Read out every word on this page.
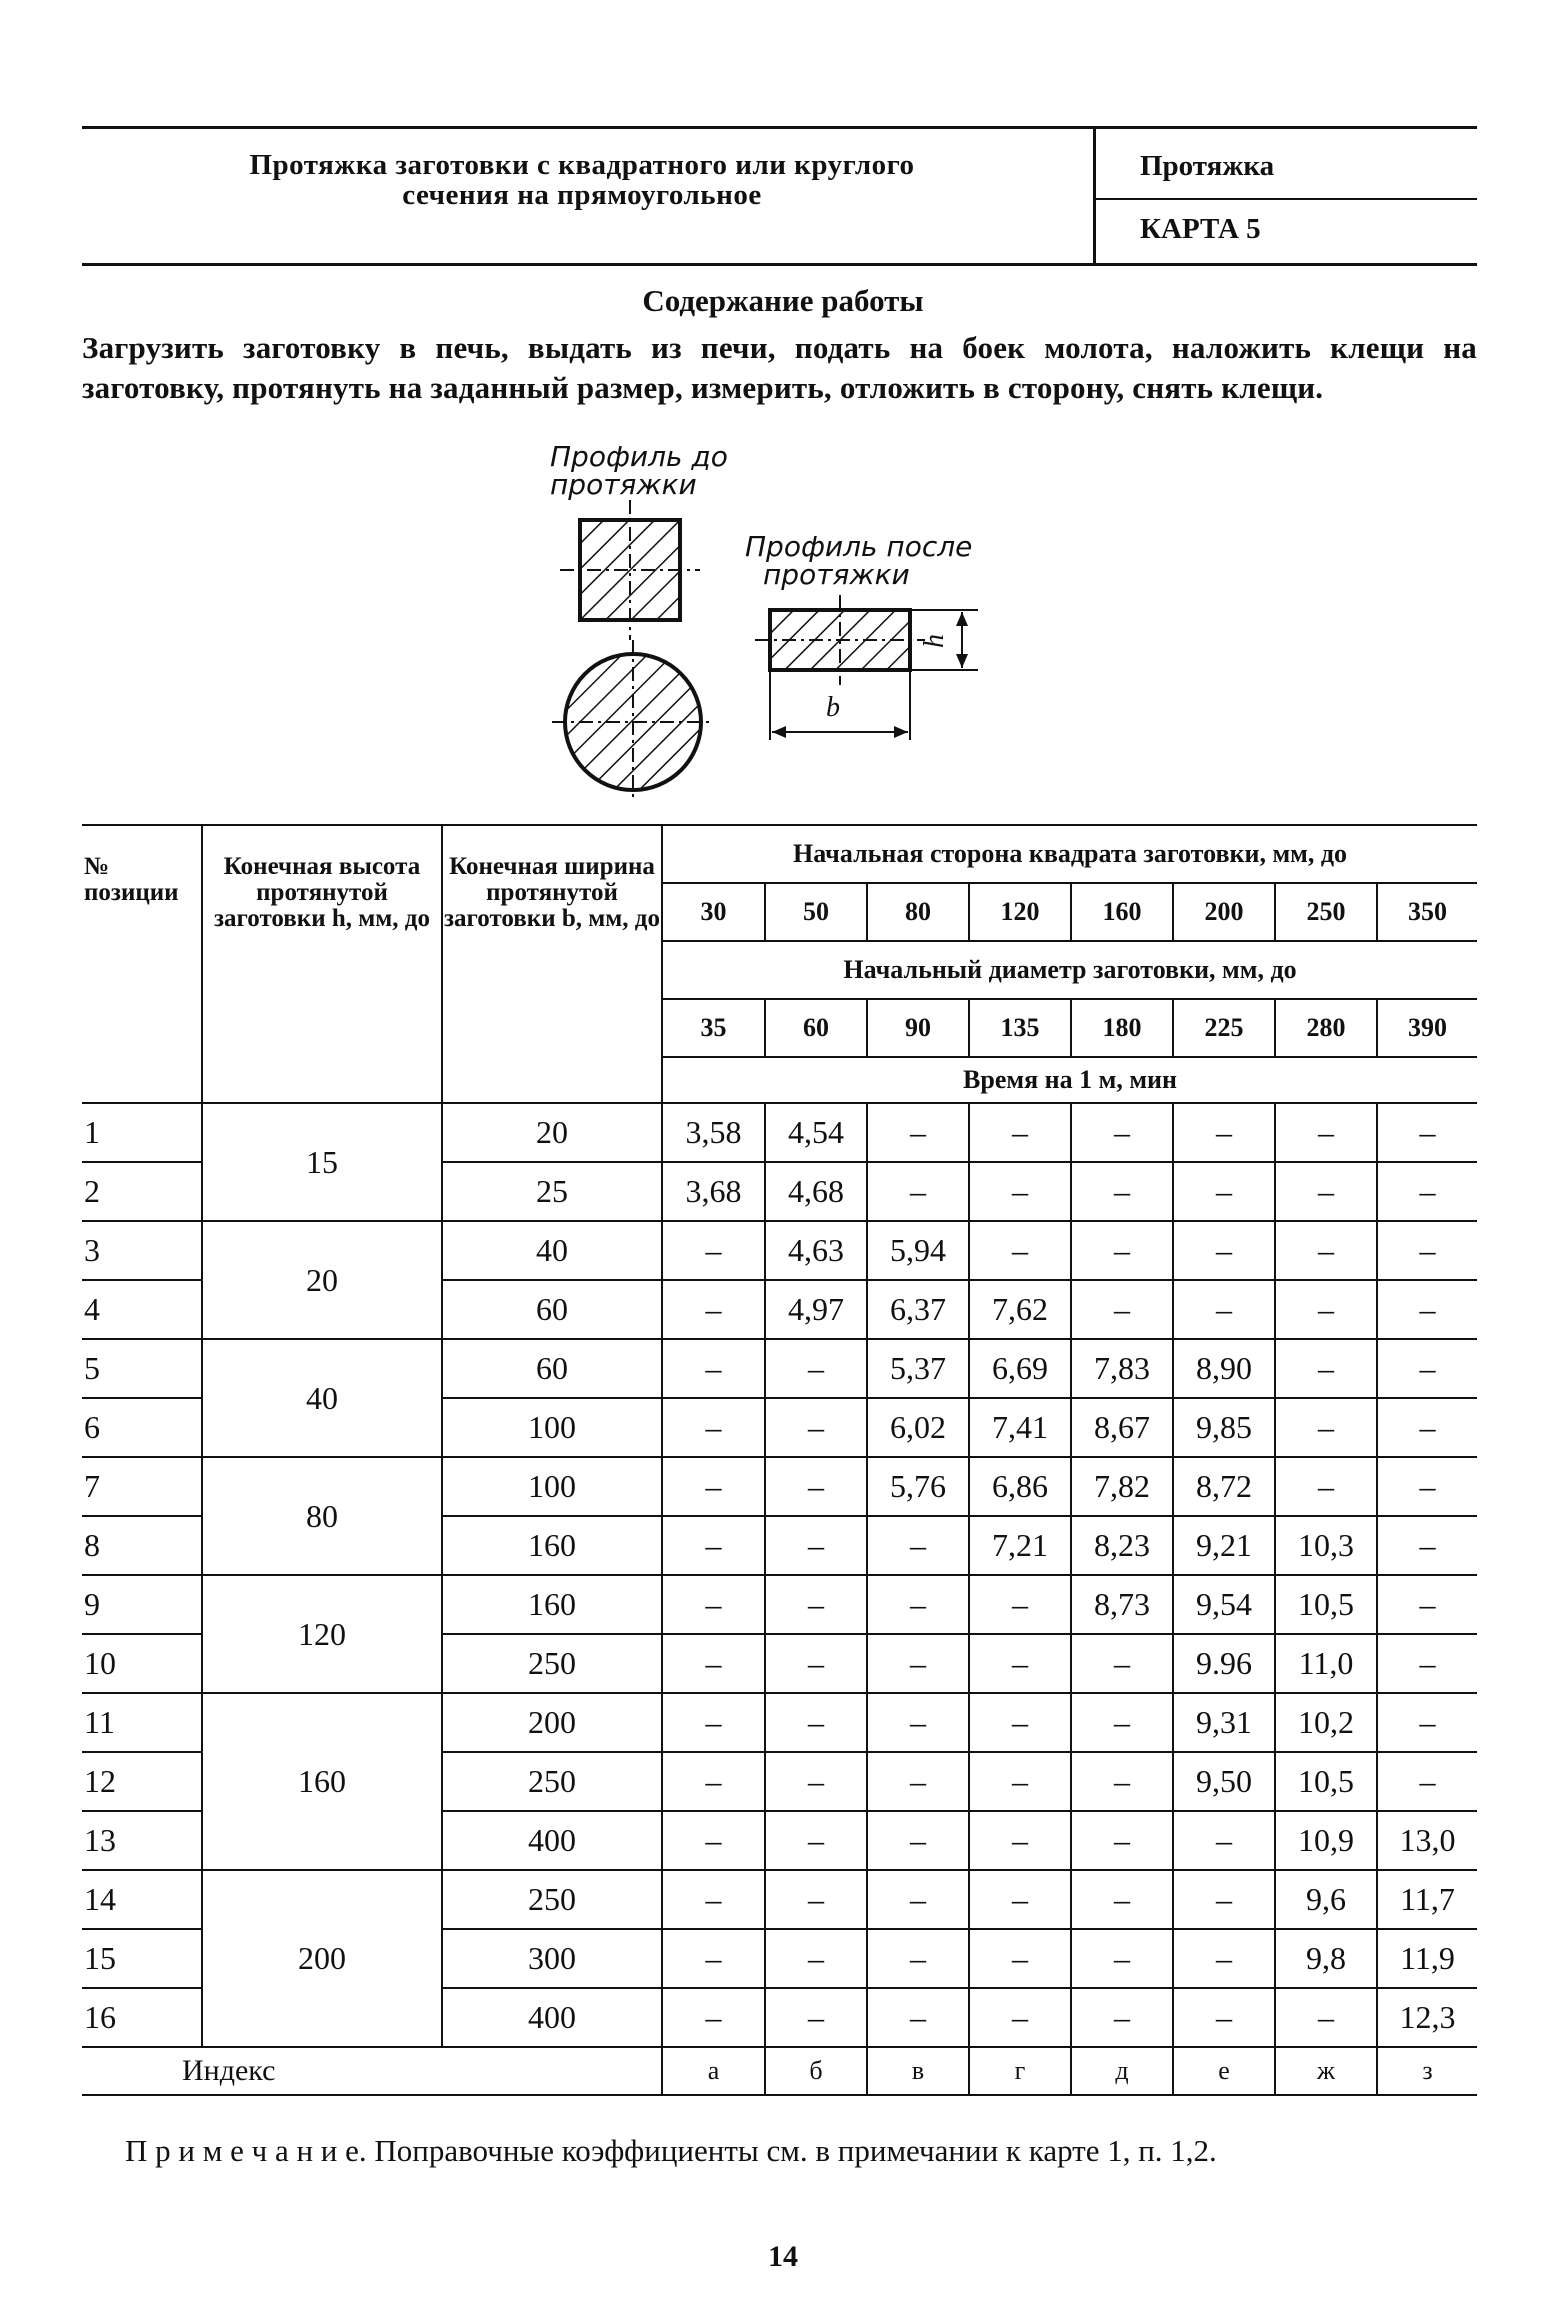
Протяжка заготовки с квадратного или круглого
сечения на прямоугольное
Протяжка
КАРТА 5
Содержание работы
Загрузить заготовку в печь, выдать из печи, подать на боек молота, наложить клещи на заготовку, протянуть на заданный размер, измерить, отложить в сторону, снять клещи.
Профиль до
протяжки
Профиль после
протяжки
h
b
№ позиции	Конечная высота протянутой заготовки h, мм, до	Конечная ширина протянутой заготовки b, мм, до	Начальная сторона квадрата заготовки, мм, до							
			30	50	80	120	160	200	250	350
			Начальный диаметр заготовки, мм, до							
			35	60	90	135	180	225	280	390
			Время на 1 м, мин							
1	15	20	3,58	4,54	–	–	–	–	–	–
2		25	3,68	4,68	–	–	–	–	–	–
3	20	40	–	4,63	5,94	–	–	–	–	–
4		60	–	4,97	6,37	7,62	–	–	–	–
5	40	60	–	–	5,37	6,69	7,83	8,90	–	–
6		100	–	–	6,02	7,41	8,67	9,85	–	–
7	80	100	–	–	5,76	6,86	7,82	8,72	–	–
8		160	–	–	–	7,21	8,23	9,21	10,3	–
9	120	160	–	–	–	–	8,73	9,54	10,5	–
10		250	–	–	–	–	–	9.96	11,0	–
11	160	200	–	–	–	–	–	9,31	10,2	–
12		250	–	–	–	–	–	9,50	10,5	–
13		400	–	–	–	–	–	–	10,9	13,0
14	200	250	–	–	–	–	–	–	9,6	11,7
15		300	–	–	–	–	–	–	9,8	11,9
16		400	–	–	–	–	–	–	–	12,3
Индекс			а	б	в	г	д	е	ж	з
П р и м е ч а н и е. Поправочные коэффициенты см. в примечании к карте 1, п. 1,2.
14
